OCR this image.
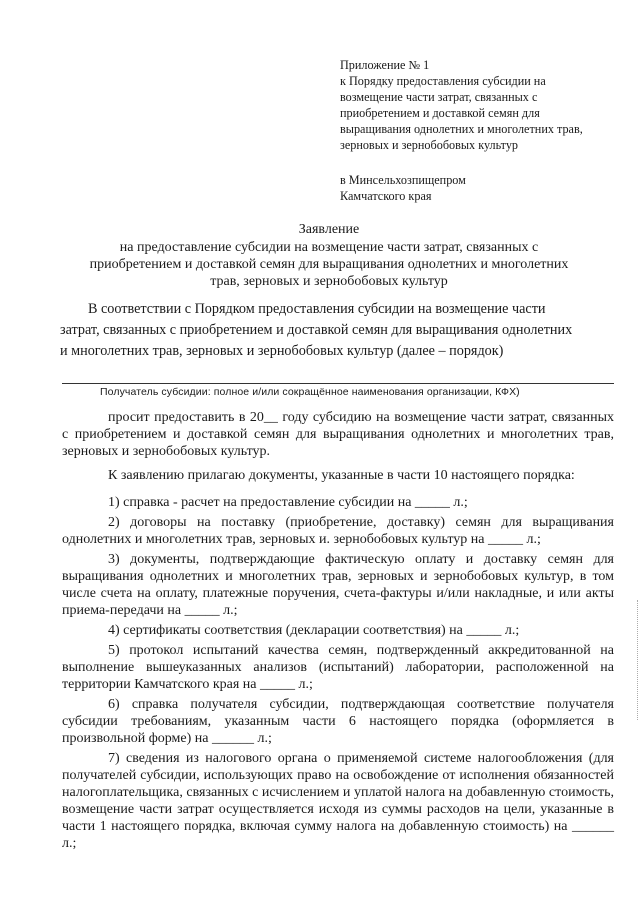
Приложение № 1
к Порядку предоставления субсидии на
возмещение части затрат, связанных с
приобретением и доставкой семян для
выращивания однолетних и многолетних трав,
зерновых и зернобобовых культур
в Минсельхозпищепром
Камчатского края
Заявление
на предоставление субсидии на возмещение части затрат, связанных с
приобретением и доставкой семян для выращивания однолетних и многолетних
трав, зерновых и зернобобовых культур
В соответствии с Порядком предоставления субсидии на возмещение части
затрат, связанных с приобретением и доставкой семян для выращивания однолетних
и многолетних трав, зерновых и зернобобовых культур (далее – порядок)
Получатель субсидии: полное и/или сокращённое наименования организации, КФХ)

просит предоставить в 20__ году субсидию на возмещение части затрат, связанных с приобретением и доставкой семян для выращивания однолетних и многолетних трав, зерновых и зернобобовых культур.

К заявлению прилагаю документы, указанные в части 10 настоящего порядка:

1) справка - расчет на предоставление субсидии на _____ л.;

2) договоры на поставку (приобретение, доставку) семян для выращивания однолетних и многолетних трав, зерновых и. зернобобовых культур на _____ л.;

3) документы, подтверждающие фактическую оплату и доставку семян для выращивания однолетних и многолетних трав, зерновых и зернобобовых культур, в том числе счета на оплату, платежные поручения, счета-фактуры и/или накладные, и или акты приема-передачи на _____ л.;

4) сертификаты соответствия (декларации соответствия) на _____ л.;

5) протокол испытаний качества семян, подтвержденный аккредитованной на выполнение вышеуказанных анализов (испытаний) лаборатории, расположенной на территории Камчатского края на _____ л.;

6) справка получателя субсидии, подтверждающая соответствие получателя субсидии требованиям, указанным части 6 настоящего порядка (оформляется в произвольной форме) на ______ л.;

7) сведения из налогового органа о применяемой системе налогообложения (для получателей субсидии, использующих право на освобождение от исполнения обязанностей налогоплательщика, связанных с исчислением и уплатой налога на добавленную стоимость, возмещение части затрат осуществляется исходя из суммы расходов на цели, указанные в части 1 настоящего порядка, включая сумму налога на добавленную стоимость) на ______ л.;
